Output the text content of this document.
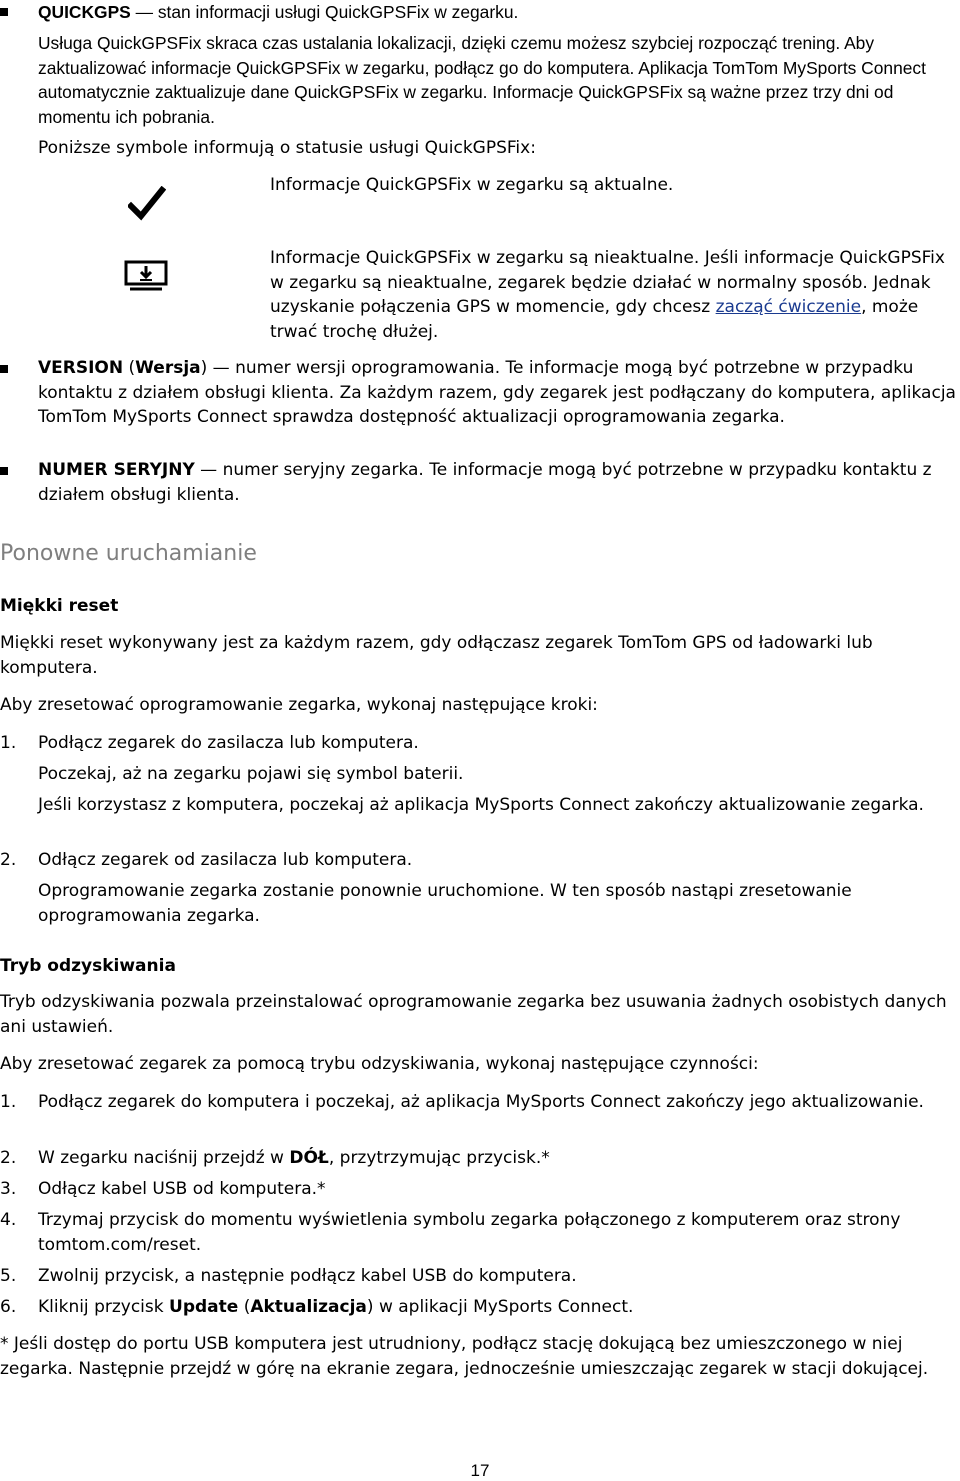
QUICKGPS — stan informacji usługi QuickGPSFix w zegarku.
Usługa QuickGPSFix skraca czas ustalania lokalizacji, dzięki czemu możesz szybciej rozpocząć trening. Aby zaktualizować informacje QuickGPSFix w zegarku, podłącz go do komputera. Aplikacja TomTom MySports Connect automatycznie zaktualizuje dane QuickGPSFix w zegarku. Informacje QuickGPSFix są ważne przez trzy dni od momentu ich pobrania.
Poniższe symbole informują o statusie usługi QuickGPSFix:
Informacje QuickGPSFix w zegarku są aktualne.
Informacje QuickGPSFix w zegarku są nieaktualne. Jeśli informacje QuickGPSFix w zegarku są nieaktualne, zegarek będzie działać w normalny sposób. Jednak uzyskanie połączenia GPS w momencie, gdy chcesz zacząć ćwiczenie, może trwać trochę dłużej.
VERSION (Wersja) — numer wersji oprogramowania. Te informacje mogą być potrzebne w przypadku kontaktu z działem obsługi klienta. Za każdym razem, gdy zegarek jest podłączany do komputera, aplikacja TomTom MySports Connect sprawdza dostępność aktualizacji oprogramowania zegarka.
NUMER SERYJNY — numer seryjny zegarka. Te informacje mogą być potrzebne w przypadku kontaktu z działem obsługi klienta.
Ponowne uruchamianie
Miękki reset
Miękki reset wykonywany jest za każdym razem, gdy odłączasz zegarek TomTom GPS od ładowarki lub komputera.
Aby zresetować oprogramowanie zegarka, wykonaj następujące kroki:
1. Podłącz zegarek do zasilacza lub komputera.
Poczekaj, aż na zegarku pojawi się symbol baterii.
Jeśli korzystasz z komputera, poczekaj aż aplikacja MySports Connect zakończy aktualizowanie zegarka.
2. Odłącz zegarek od zasilacza lub komputera.
Oprogramowanie zegarka zostanie ponownie uruchomione. W ten sposób nastąpi zresetowanie oprogramowania zegarka.
Tryb odzyskiwania
Tryb odzyskiwania pozwala przeinstalować oprogramowanie zegarka bez usuwania żadnych osobistych danych ani ustawień.
Aby zresetować zegarek za pomocą trybu odzyskiwania, wykonaj następujące czynności:
1. Podłącz zegarek do komputera i poczekaj, aż aplikacja MySports Connect zakończy jego aktualizowanie.
2. W zegarku naciśnij przejdź w DÓŁ, przytrzymując przycisk.*
3. Odłącz kabel USB od komputera.*
4. Trzymaj przycisk do momentu wyświetlenia symbolu zegarka połączonego z komputerem oraz strony tomtom.com/reset.
5. Zwolnij przycisk, a następnie podłącz kabel USB do komputera.
6. Kliknij przycisk Update (Aktualizacja) w aplikacji MySports Connect.
* Jeśli dostęp do portu USB komputera jest utrudniony, podłącz stację dokującą bez umieszczonego w niej zegarka. Następnie przejdź w górę na ekranie zegara, jednocześnie umieszczając zegarek w stacji dokującej.
17
